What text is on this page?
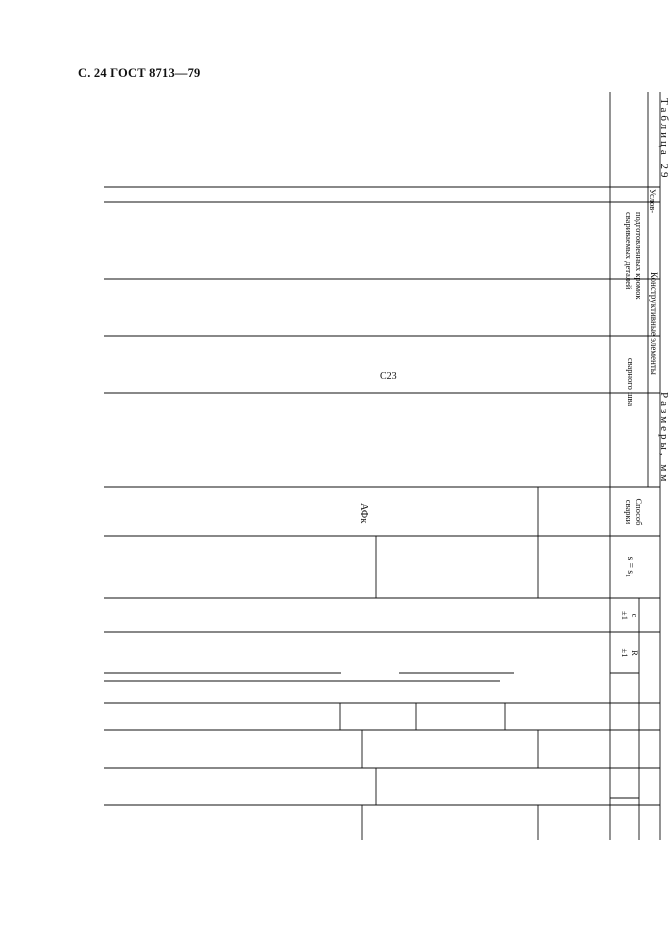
С. 24 ГОСТ 8713—79
Таблица 29
Размеры, мм
Услов-
Конструктивные элементы
подготовленных кромок
свариваемых деталей
сварного шва
Способ
сварки
s = s₁
c
±1
R
±1
С23
АФк
